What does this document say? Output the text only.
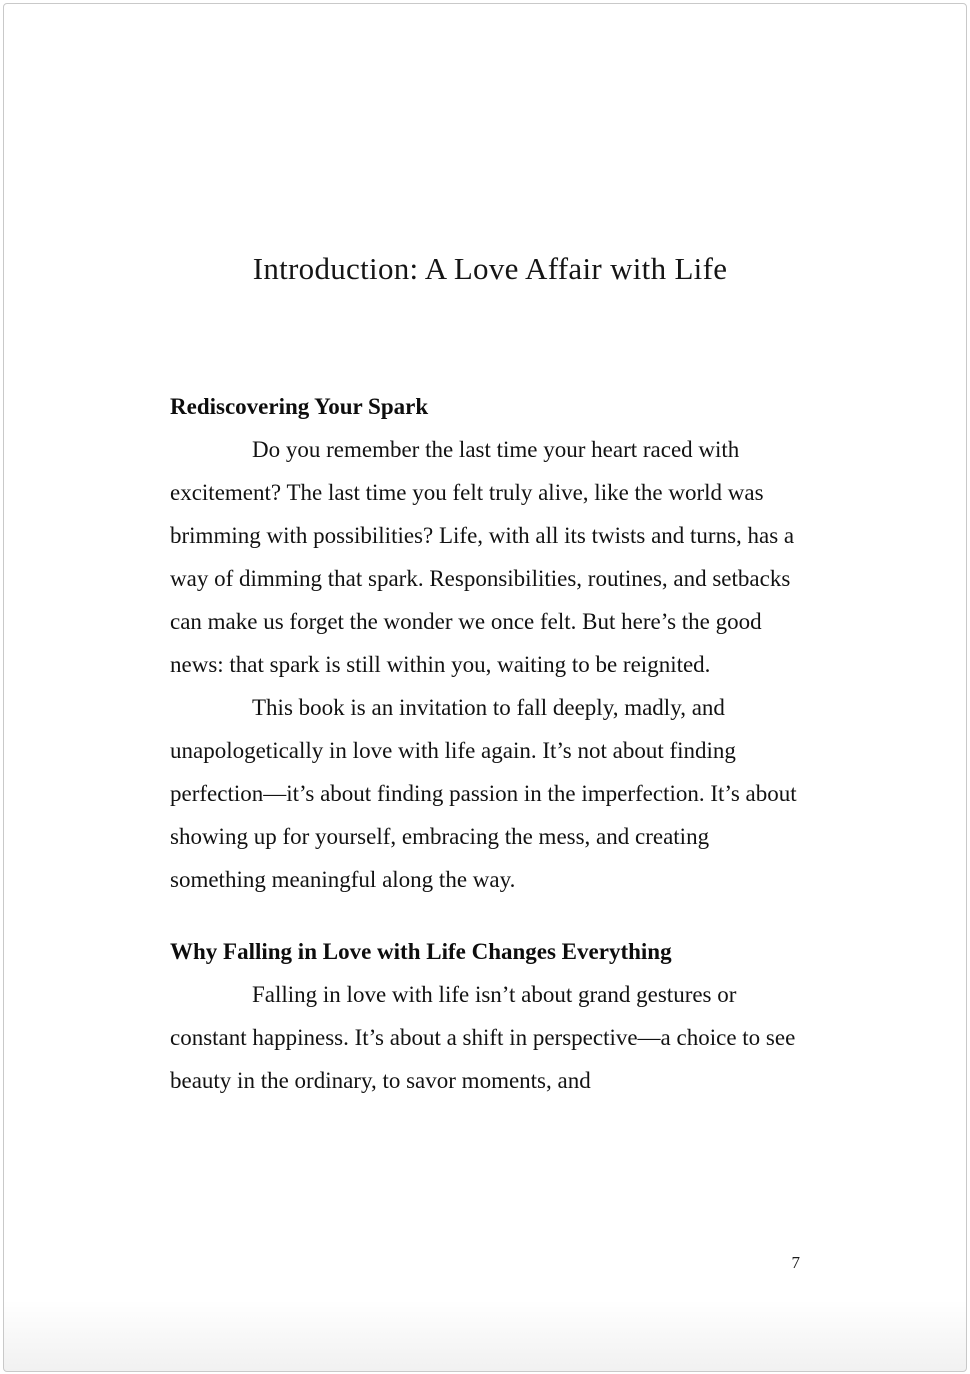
Introduction: A Love Affair with Life
Rediscovering Your Spark

Do you remember the last time your heart raced with excitement? The last time you felt truly alive, like the world was brimming with possibilities? Life, with all its twists and turns, has a way of dimming that spark. Responsibilities, routines, and setbacks can make us forget the wonder we once felt. But here’s the good news: that spark is still within you, waiting to be reignited.

This book is an invitation to fall deeply, madly, and unapologetically in love with life again. It’s not about finding perfection—it’s about finding passion in the imperfection. It’s about showing up for yourself, embracing the mess, and creating something meaningful along the way.

Why Falling in Love with Life Changes Everything

Falling in love with life isn’t about grand gestures or constant happiness. It’s about a shift in perspective—a choice to see beauty in the ordinary, to savor moments, and

7
